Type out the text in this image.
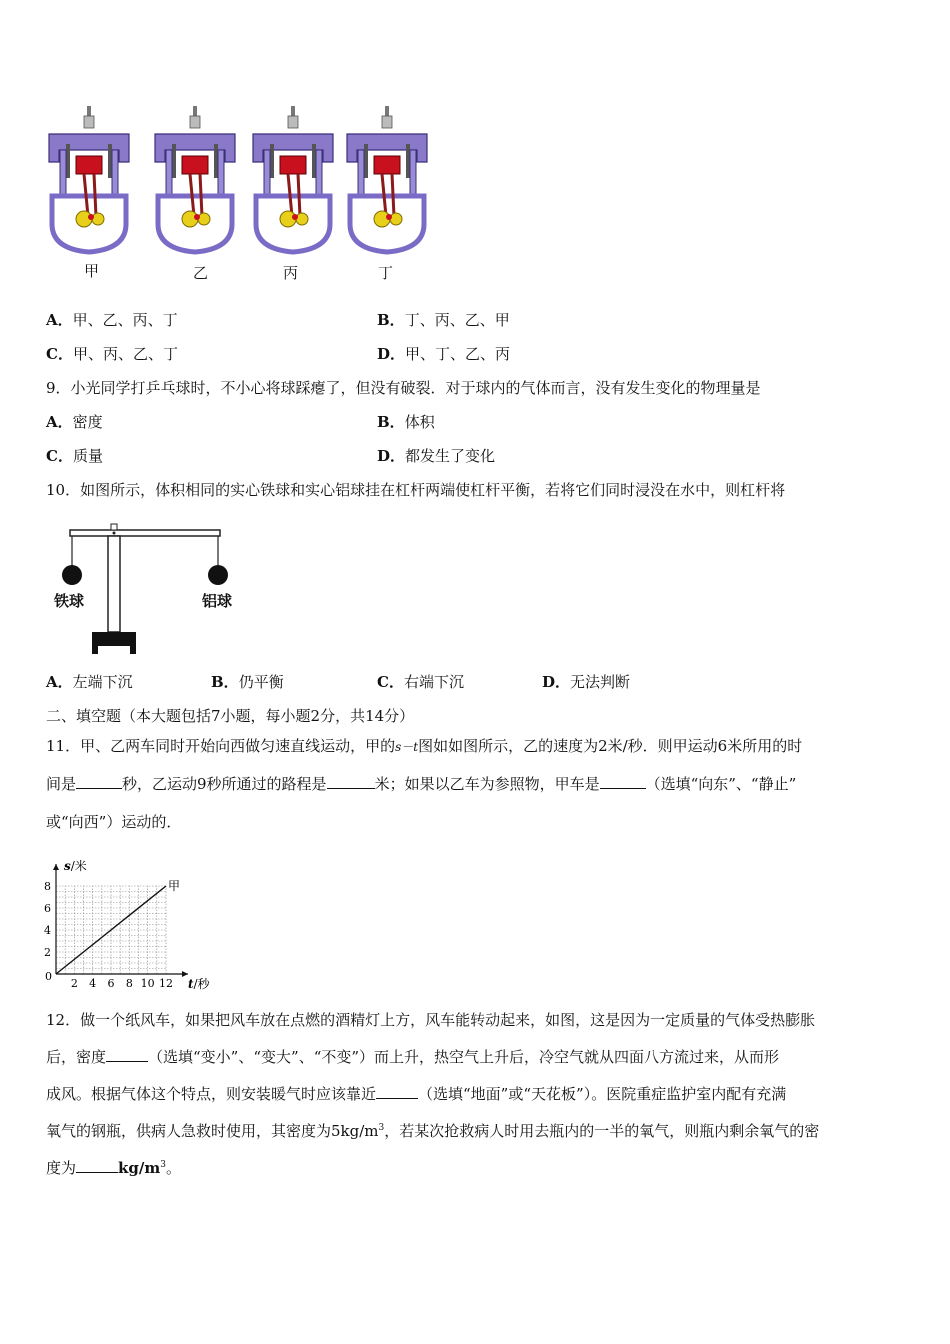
甲	乙	丙	丁
A．甲、乙、丙、丁	B．丁、丙、乙、甲
C．甲、丙、乙、丁	D．甲、丁、乙、丙
9．小光同学打乒乓球时，不小心将球踩瘪了，但没有破裂．对于球内的气体而言，没有发生变化的物理量是
A．密度	B．体积
C．质量	D．都发生了变化
10．如图所示，体积相同的实心铁球和实心铝球挂在杠杆两端使杠杆平衡，若将它们同时浸没在水中，则杠杆将
铁球	铝球
A．左端下沉	B．仍平衡	C．右端下沉	D．无法判断
二、填空题（本大题包括7小题，每小题2分，共14分）
11．甲、乙两车同时开始向西做匀速直线运动，甲的s－t图如如图所示，乙的速度为2米/秒．则甲运动6米所用的时
间是	秒，乙运动9秒所通过的路程是	米；如果以乙车为参照物，甲车是	（选填“向东”、“静止”
或“向西”）运动的．
2 4 6 8 10 12
2
4
6
8
0
s/米
t/秒
甲
12．做一个纸风车，如果把风车放在点燃的酒精灯上方，风车能转动起来，如图，这是因为一定质量的气体受热膨胀
后，密度	（选填“变小”、“变大”、“不变”）而上升，热空气上升后，冷空气就从四面八方流过来，从而形
成风。根据气体这个特点，则安装暖气时应该靠近	（选填“地面”或“天花板”）。医院重症监护室内配有充满
氧气的钢瓶，供病人急救时使用，其密度为$5kg/m^3$，若某次抢救病人时用去瓶内的一半的氧气，则瓶内剩余氧气的密
度为	$kg/m^3$。
